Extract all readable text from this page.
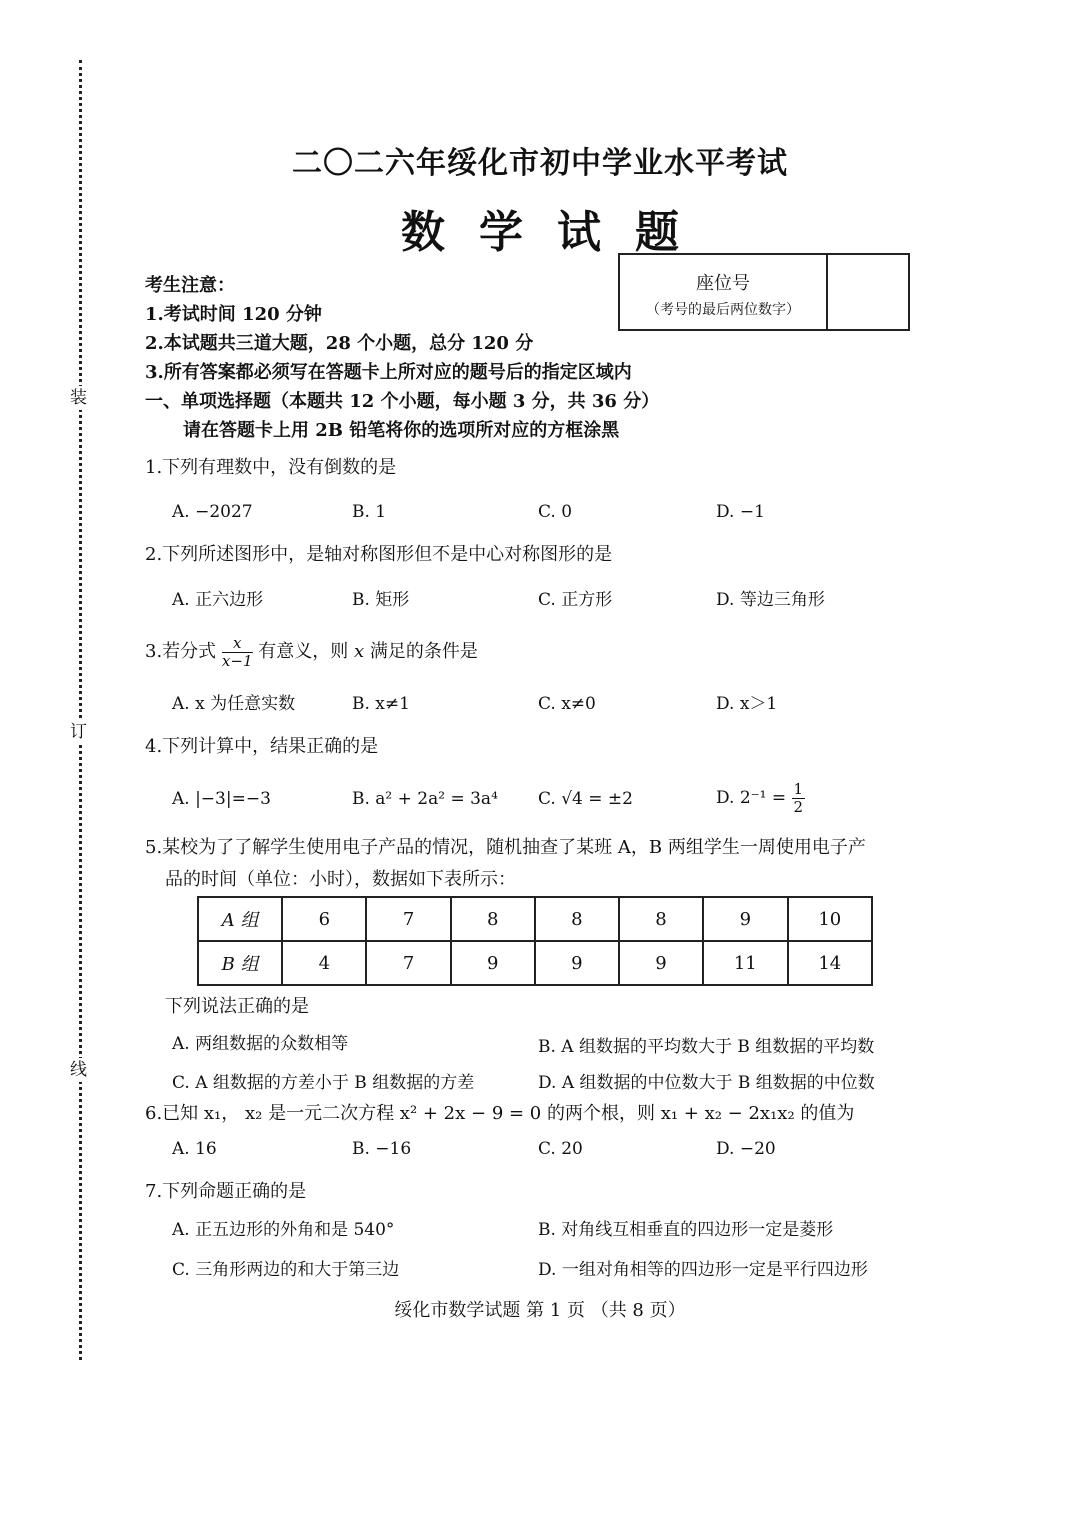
装
订
线
二〇二六年绥化市初中学业水平考试
数学试题
座位号
（考号的最后两位数字）
考生注意：
1.考试时间 120 分钟
2.本试题共三道大题，28 个小题，总分 120 分
3.所有答案都必须写在答题卡上所对应的题号后的指定区域内
一、单项选择题（本题共 12 个小题，每小题 3 分，共 36 分）
请在答题卡上用 2B 铅笔将你的选项所对应的方框涂黑
1.下列有理数中，没有倒数的是
A. −2027	B. 1	C. 0	D. −1
2.下列所述图形中，是轴对称图形但不是中心对称图形的是
A. 正六边形	B. 矩形	C. 正方形	D. 等边三角形
3.若分式 $\frac{x}{x-1}$ 有意义，则 x 满足的条件是
A. x 为任意实数	B. x≠1	C. x≠0	D. x＞1
4.下列计算中，结果正确的是
A. |−3|=−3	B. a² + 2a² = 3a⁴ C. √4 = ±2	D. $2^{-1} = \frac{1}{2}$
5.某校为了了解学生使用电子产品的情况，随机抽查了某班 A，B 两组学生一周使用电子产
品的时间（单位：小时），数据如下表所示：
A 组	6	7	8	8	8	9	10
B 组	4	7	9	9	9	11	14
下列说法正确的是
A. 两组数据的众数相等	B. A 组数据的平均数大于 B 组数据的平均数
C. A 组数据的方差小于 B 组数据的方差	D. A 组数据的中位数大于 B 组数据的中位数
6.已知 x₁， x₂ 是一元二次方程 x² + 2x − 9 = 0 的两个根，则 x₁ + x₂ − 2x₁x₂ 的值为
A. 16	B. −16	C. 20	D. −20
7.下列命题正确的是
A. 正五边形的外角和是 540°	B. 对角线互相垂直的四边形一定是菱形
C. 三角形两边的和大于第三边	D. 一组对角相等的四边形一定是平行四边形
绥化市数学试题 第 1 页 （共 8 页）
